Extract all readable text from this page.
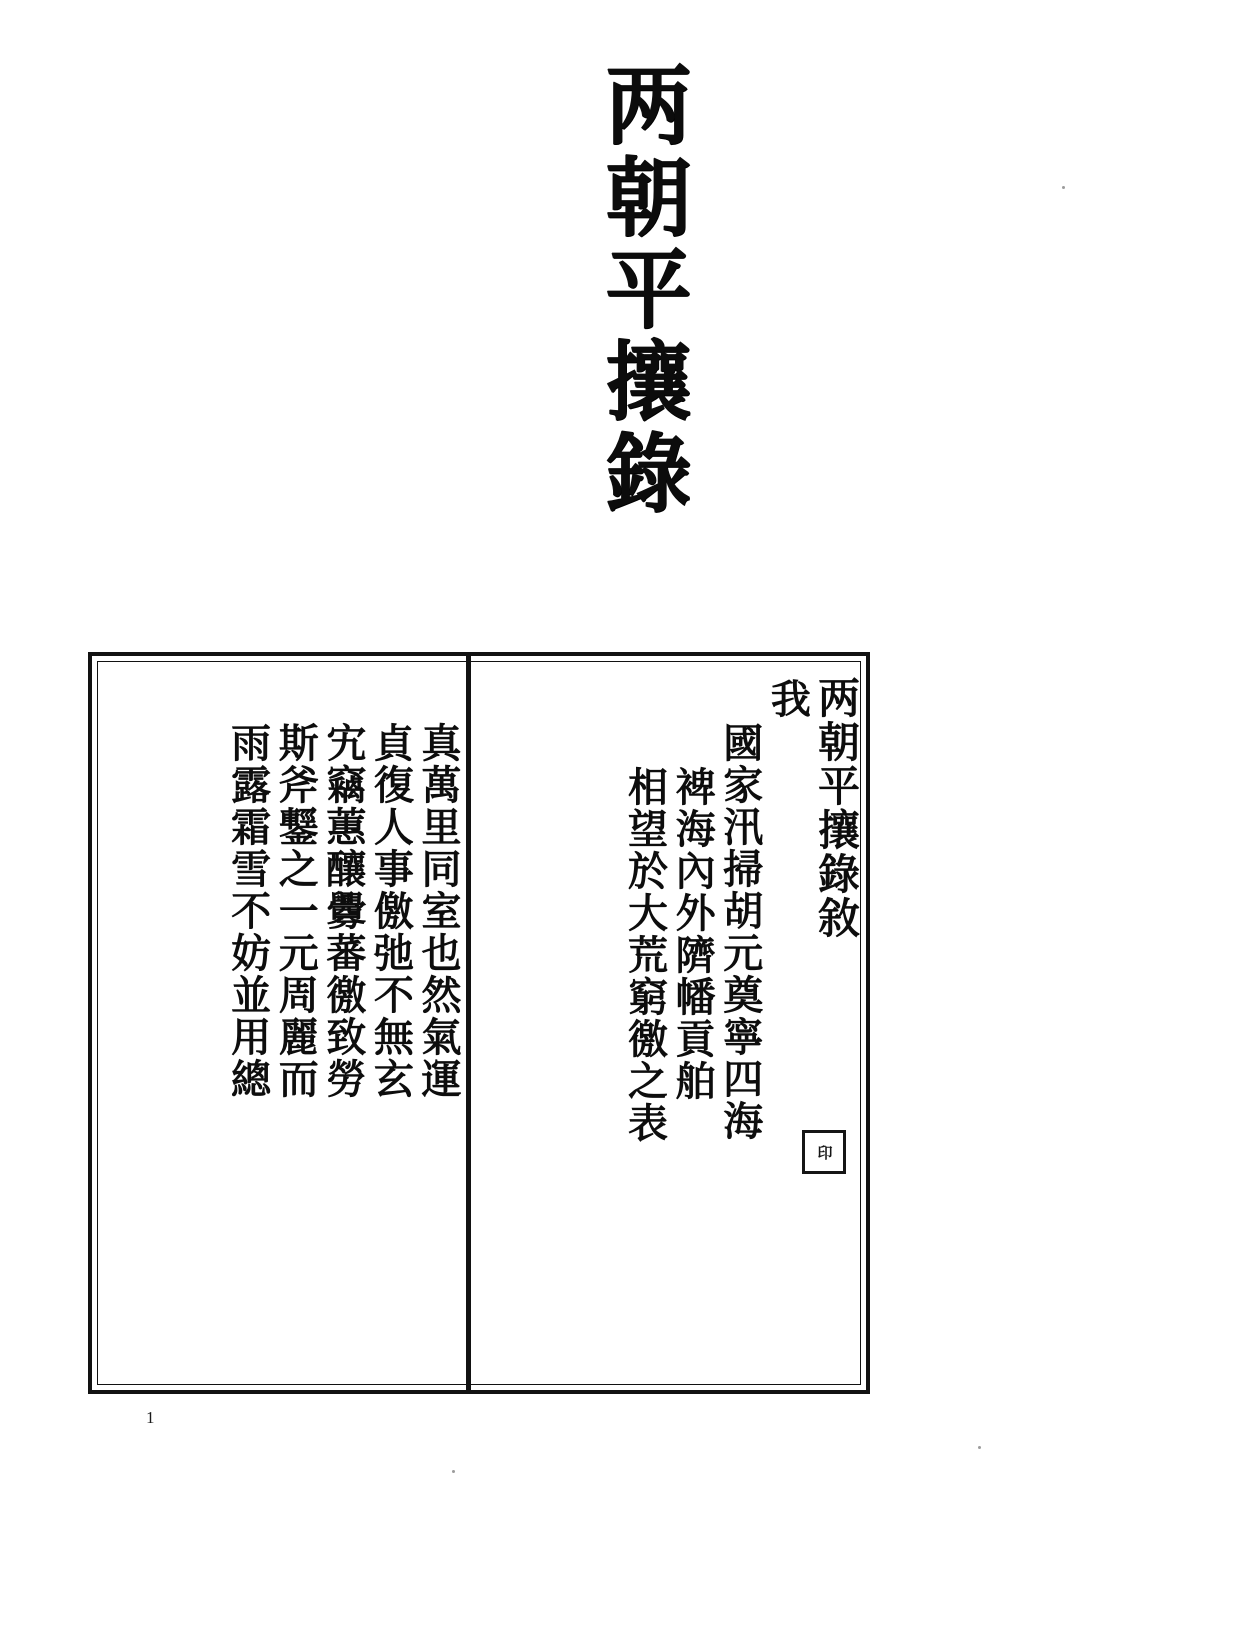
两朝平攘錄
两朝平攘錄敘
我
國家汛掃胡元奠寧四海
裨海內外隮幡貢舶
相望於大荒窮徼之表
印
真萬里同室也然氣運
貞復人事儌弛不無玄
宄竊蕙釀釁蕃徼致勞
斯斧鑋之一元周麗而
雨露霜雪不妨並用總
1
